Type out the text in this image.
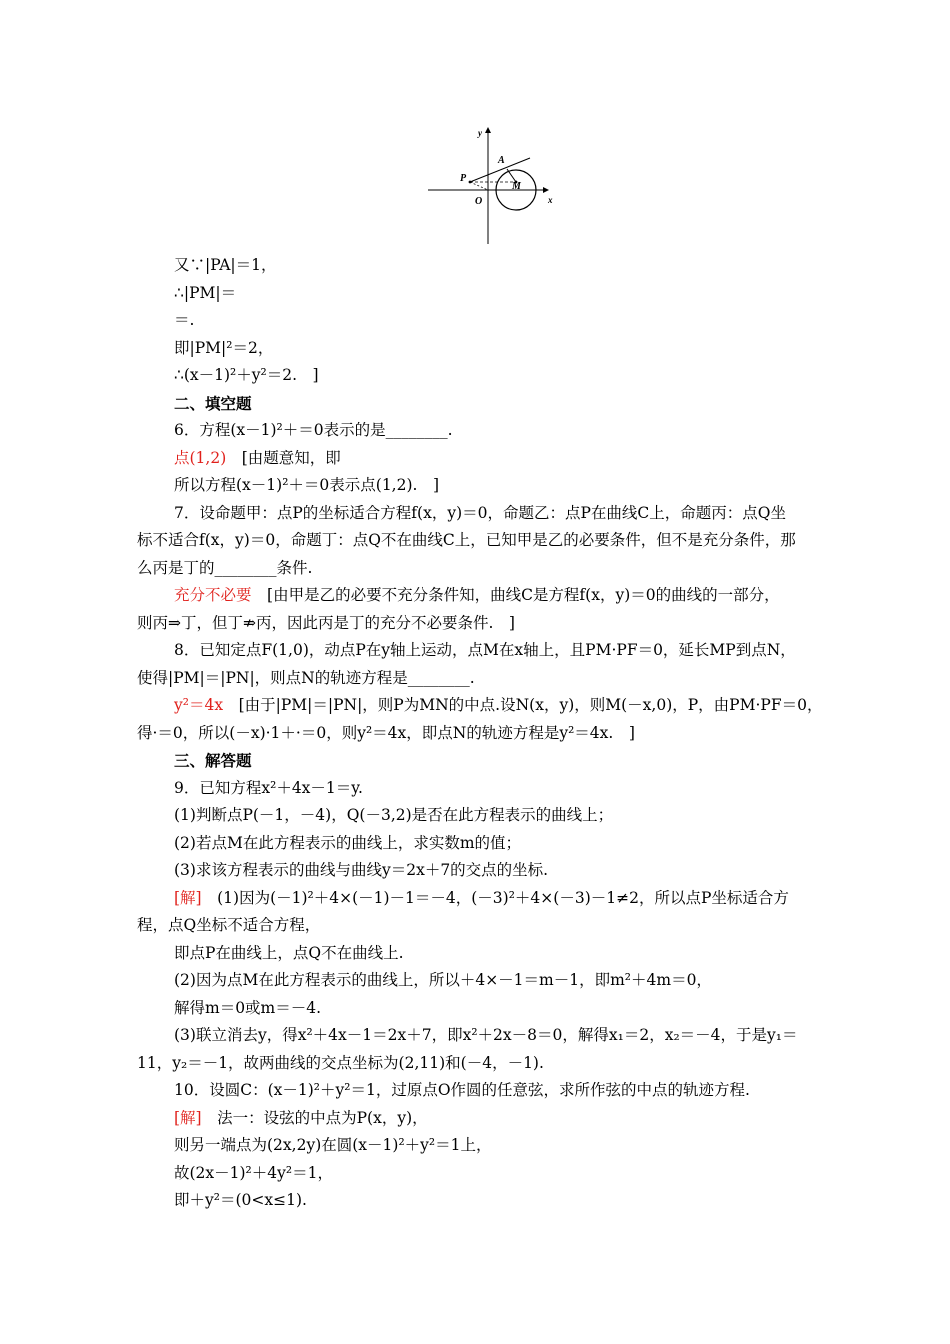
y
x
O
P
A
M
又∵|PA|＝1，
∴|PM|＝
＝.
即|PM|²＝2，
∴(x－1)²＋y²＝2.　]
二、填空题
6．方程(x－1)²＋＝0表示的是________.
点(1,2)　[由题意知，即
所以方程(x－1)²＋＝0表示点(1,2).　]
7．设命题甲：点P的坐标适合方程f(x，y)＝0，命题乙：点P在曲线C上，命题丙：点Q坐
标不适合f(x，y)＝0，命题丁：点Q不在曲线C上，已知甲是乙的必要条件，但不是充分条件，那
么丙是丁的________条件.
充分不必要　[由甲是乙的必要不充分条件知，曲线C是方程f(x，y)＝0的曲线的一部分，
则丙⇒丁，但丁⇏丙，因此丙是丁的充分不必要条件.　]
8．已知定点F(1,0)，动点P在y轴上运动，点M在x轴上，且PM·PF＝0，延长MP到点N，
使得|PM|＝|PN|，则点N的轨迹方程是________.
y²＝4x　[由于|PM|＝|PN|，则P为MN的中点.设N(x，y)，则M(－x,0)，P，由PM·PF＝0，
得·＝0，所以(－x)·1＋·＝0，则y²＝4x，即点N的轨迹方程是y²＝4x.　]
三、解答题
9．已知方程x²＋4x－1＝y.
(1)判断点P(－1，－4)，Q(－3,2)是否在此方程表示的曲线上；
(2)若点M在此方程表示的曲线上，求实数m的值；
(3)求该方程表示的曲线与曲线y＝2x＋7的交点的坐标.
[解]　(1)因为(－1)²＋4×(－1)－1＝－4，(－3)²＋4×(－3)－1≠2，所以点P坐标适合方
程，点Q坐标不适合方程，
即点P在曲线上，点Q不在曲线上.
(2)因为点M在此方程表示的曲线上，所以＋4×－1＝m－1，即m²＋4m＝0，
解得m＝0或m＝－4.
(3)联立消去y，得x²＋4x－1＝2x＋7，即x²＋2x－8＝0，解得x₁＝2，x₂＝－4，于是y₁＝
11，y₂＝－1，故两曲线的交点坐标为(2,11)和(－4，－1).
10．设圆C：(x－1)²＋y²＝1，过原点O作圆的任意弦，求所作弦的中点的轨迹方程.
[解]　法一：设弦的中点为P(x，y)，
则另一端点为(2x,2y)在圆(x－1)²＋y²＝1上，
故(2x－1)²＋4y²＝1，
即＋y²＝(0<x≤1).
